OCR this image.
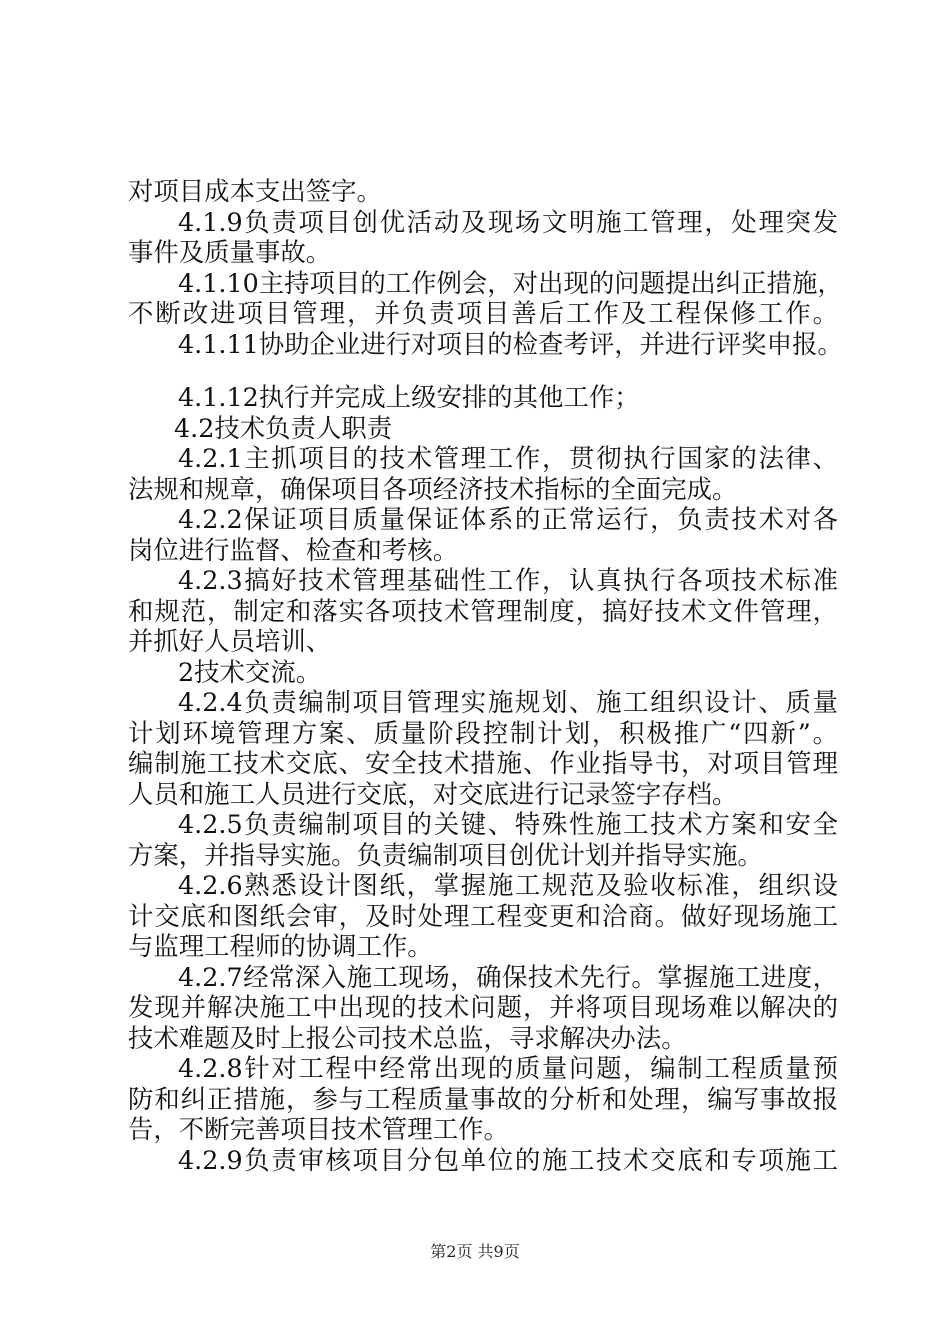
对项目成本支出签字。
4.1.9负责项目创优活动及现场文明施工管理，处理突发
事件及质量事故。
4.1.10主持项目的工作例会，对出现的问题提出纠正措施，
不断改进项目管理，并负责项目善后工作及工程保修工作。
4.1.11协助企业进行对项目的检查考评，并进行评奖申报。
4.1.12执行并完成上级安排的其他工作；
4.2技术负责人职责
4.2.1主抓项目的技术管理工作，贯彻执行国家的法律、
法规和规章，确保项目各项经济技术指标的全面完成。
4.2.2保证项目质量保证体系的正常运行，负责技术对各
岗位进行监督、检查和考核。
4.2.3搞好技术管理基础性工作，认真执行各项技术标准
和规范，制定和落实各项技术管理制度，搞好技术文件管理，
并抓好人员培训、
2技术交流。
4.2.4负责编制项目管理实施规划、施工组织设计、质量
计划环境管理方案、质量阶段控制计划，积极推广“四新”。
编制施工技术交底、安全技术措施、作业指导书，对项目管理
人员和施工人员进行交底，对交底进行记录签字存档。
4.2.5负责编制项目的关键、特殊性施工技术方案和安全
方案，并指导实施。负责编制项目创优计划并指导实施。
4.2.6熟悉设计图纸，掌握施工规范及验收标准，组织设
计交底和图纸会审，及时处理工程变更和洽商。做好现场施工
与监理工程师的协调工作。
4.2.7经常深入施工现场，确保技术先行。掌握施工进度，
发现并解决施工中出现的技术问题，并将项目现场难以解决的
技术难题及时上报公司技术总监，寻求解决办法。
4.2.8针对工程中经常出现的质量问题，编制工程质量预
防和纠正措施，参与工程质量事故的分析和处理，编写事故报
告，不断完善项目技术管理工作。
4.2.9负责审核项目分包单位的施工技术交底和专项施工
第2页 共9页
